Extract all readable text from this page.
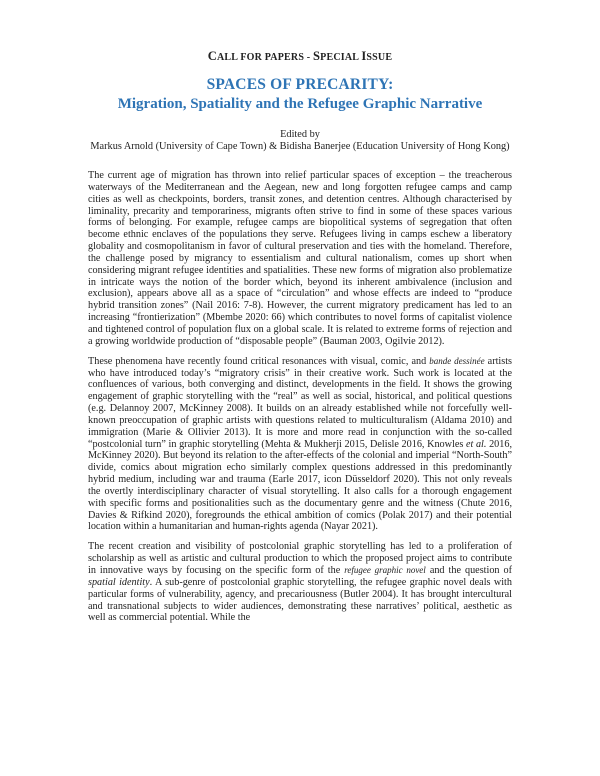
CALL FOR PAPERS - SPECIAL ISSUE
SPACES OF PRECARITY:
Migration, Spatiality and the Refugee Graphic Narrative
Edited by
Markus Arnold (University of Cape Town) & Bidisha Banerjee (Education University of Hong Kong)

The current age of migration has thrown into relief particular spaces of exception – the treacherous waterways of the Mediterranean and the Aegean, new and long forgotten refugee camps and camp cities as well as checkpoints, borders, transit zones, and detention centres. Although characterised by liminality, precarity and temporariness, migrants often strive to find in some of these spaces various forms of belonging. For example, refugee camps are biopolitical systems of segregation that often become ethnic enclaves of the populations they serve. Refugees living in camps eschew a liberatory globality and cosmopolitanism in favor of cultural preservation and ties with the homeland. Therefore, the challenge posed by migrancy to essentialism and cultural nationalism, comes up short when considering migrant refugee identities and spatialities. These new forms of migration also problematize in intricate ways the notion of the border which, beyond its inherent ambivalence (inclusion and exclusion), appears above all as a space of “circulation” and whose effects are indeed to “produce hybrid transition zones” (Nail 2016: 7-8). However, the current migratory predicament has led to an increasing “frontierization” (Mbembe 2020: 66) which contributes to novel forms of capitalist violence and tightened control of population flux on a global scale. It is related to extreme forms of rejection and a growing worldwide production of “disposable people” (Bauman 2003, Ogilvie 2012).

These phenomena have recently found critical resonances with visual, comic, and bande dessinée artists who have introduced today’s “migratory crisis” in their creative work. Such work is located at the confluences of various, both converging and distinct, developments in the field. It shows the growing engagement of graphic storytelling with the “real” as well as social, historical, and political questions (e.g. Delannoy 2007, McKinney 2008). It builds on an already established while not forcefully well-known preoccupation of graphic artists with questions related to multiculturalism (Aldama 2010) and immigration (Marie & Ollivier 2013). It is more and more read in conjunction with the so-called “postcolonial turn” in graphic storytelling (Mehta & Mukherji 2015, Delisle 2016, Knowles et al. 2016, McKinney 2020). But beyond its relation to the after-effects of the colonial and imperial “North-South” divide, comics about migration echo similarly complex questions addressed in this predominantly hybrid medium, including war and trauma (Earle 2017, icon Düsseldorf 2020). This not only reveals the overtly interdisciplinary character of visual storytelling. It also calls for a thorough engagement with specific forms and positionalities such as the documentary genre and the witness (Chute 2016, Davies & Rifkind 2020), foregrounds the ethical ambition of comics (Polak 2017) and their potential location within a humanitarian and human-rights agenda (Nayar 2021).

The recent creation and visibility of postcolonial graphic storytelling has led to a proliferation of scholarship as well as artistic and cultural production to which the proposed project aims to contribute in innovative ways by focusing on the specific form of the refugee graphic novel and the question of spatial identity. A sub-genre of postcolonial graphic storytelling, the refugee graphic novel deals with particular forms of vulnerability, agency, and precariousness (Butler 2004). It has brought intercultural and transnational subjects to wider audiences, demonstrating these narratives’ political, aesthetic as well as commercial potential. While the
